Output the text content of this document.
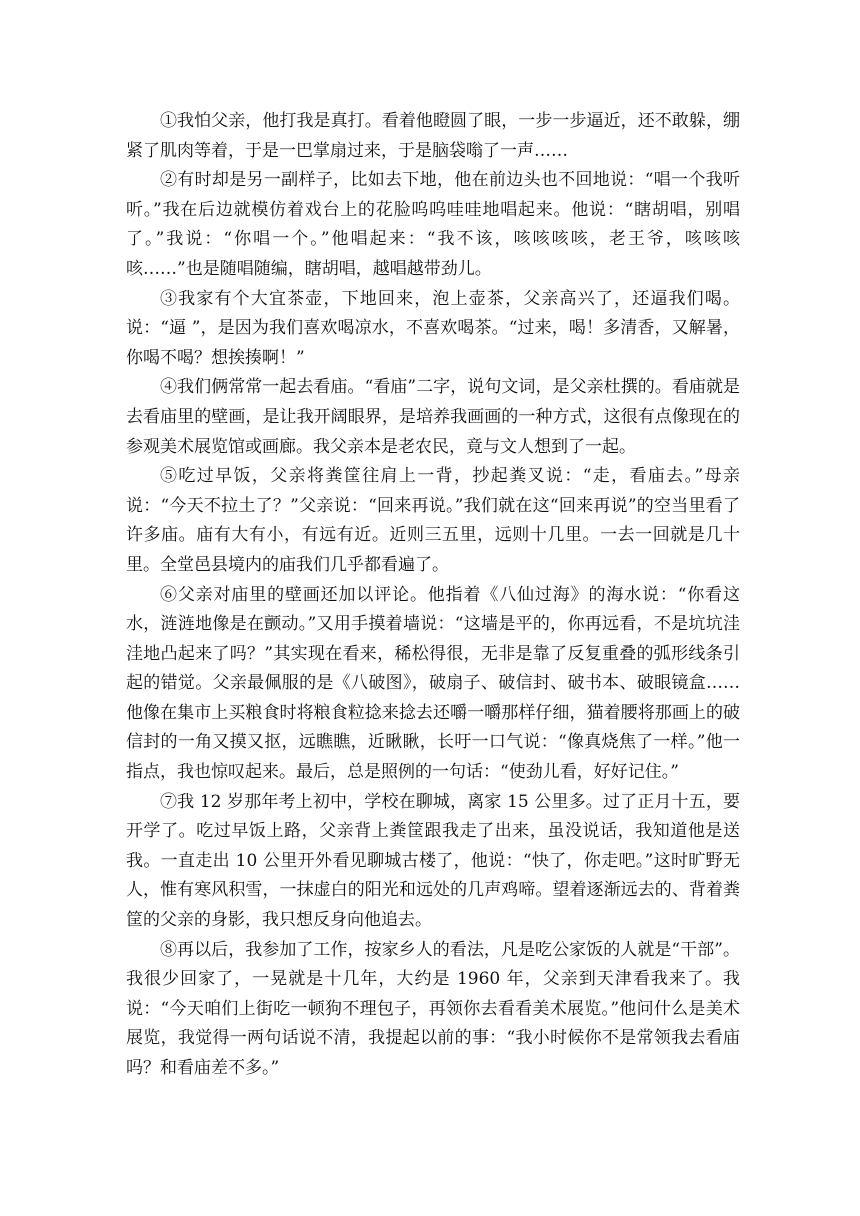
①我怕父亲，他打我是真打。看着他瞪圆了眼，一步一步逼近，还不敢躲，绷紧了肌肉等着，于是一巴掌扇过来，于是脑袋嗡了一声……

②有时却是另一副样子，比如去下地，他在前边头也不回地说：“唱一个我听听。”我在后边就模仿着戏台上的花脸呜呜哇哇地唱起来。他说：“瞎胡唱，别唱了。”我说：“你唱一个。”他唱起来：“我不该，咳咳咳咳，老王爷，咳咳咳咳……”也是随唱随编，瞎胡唱，越唱越带劲儿。

③我家有个大宜茶壶，下地回来，泡上壶茶，父亲高兴了，还逼我们喝。说：“逼 ”，是因为我们喜欢喝凉水，不喜欢喝茶。“过来，喝！多清香，又解暑，你喝不喝？想挨揍啊！”

④我们俩常常一起去看庙。“看庙”二字，说句文词，是父亲杜撰的。看庙就是去看庙里的壁画，是让我开阔眼界，是培养我画画的一种方式，这很有点像现在的参观美术展览馆或画廊。我父亲本是老农民，竟与文人想到了一起。

⑤吃过早饭，父亲将粪筐往肩上一背，抄起粪叉说：“走，看庙去。”母亲说：“今天不拉土了？”父亲说：“回来再说。”我们就在这“回来再说”的空当里看了许多庙。庙有大有小，有远有近。近则三五里，远则十几里。一去一回就是几十里。全堂邑县境内的庙我们几乎都看遍了。

⑥父亲对庙里的壁画还加以评论。他指着《八仙过海》的海水说：“你看这水，涟涟地像是在颤动。”又用手摸着墙说：“这墙是平的，你再远看，不是坑坑洼洼地凸起来了吗？”其实现在看来，稀松得很，无非是靠了反复重叠的弧形线条引起的错觉。父亲最佩服的是《八破图》，破扇子、破信封、破书本、破眼镜盒……他像在集市上买粮食时将粮食粒捻来捻去还嚼一嚼那样仔细，猫着腰将那画上的破信封的一角又摸又抠，远瞧瞧，近瞅瞅，长吁一口气说：“像真烧焦了一样。”他一指点，我也惊叹起来。最后，总是照例的一句话：“使劲儿看，好好记住。”

⑦我 12 岁那年考上初中，学校在聊城，离家 15 公里多。过了正月十五，要开学了。吃过早饭上路，父亲背上粪筐跟我走了出来，虽没说话，我知道他是送我。一直走出 10 公里开外看见聊城古楼了，他说：“快了，你走吧。”这时旷野无人，惟有寒风积雪，一抹虚白的阳光和远处的几声鸡啼。望着逐渐远去的、背着粪筐的父亲的身影，我只想反身向他追去。

⑧再以后，我参加了工作，按家乡人的看法，凡是吃公家饭的人就是“干部”。我很少回家了，一晃就是十几年，大约是 1960 年，父亲到天津看我来了。我说：“今天咱们上街吃一顿狗不理包子，再领你去看看美术展览。”他问什么是美术展览，我觉得一两句话说不清，我提起以前的事：“我小时候你不是常领我去看庙吗？和看庙差不多。”
